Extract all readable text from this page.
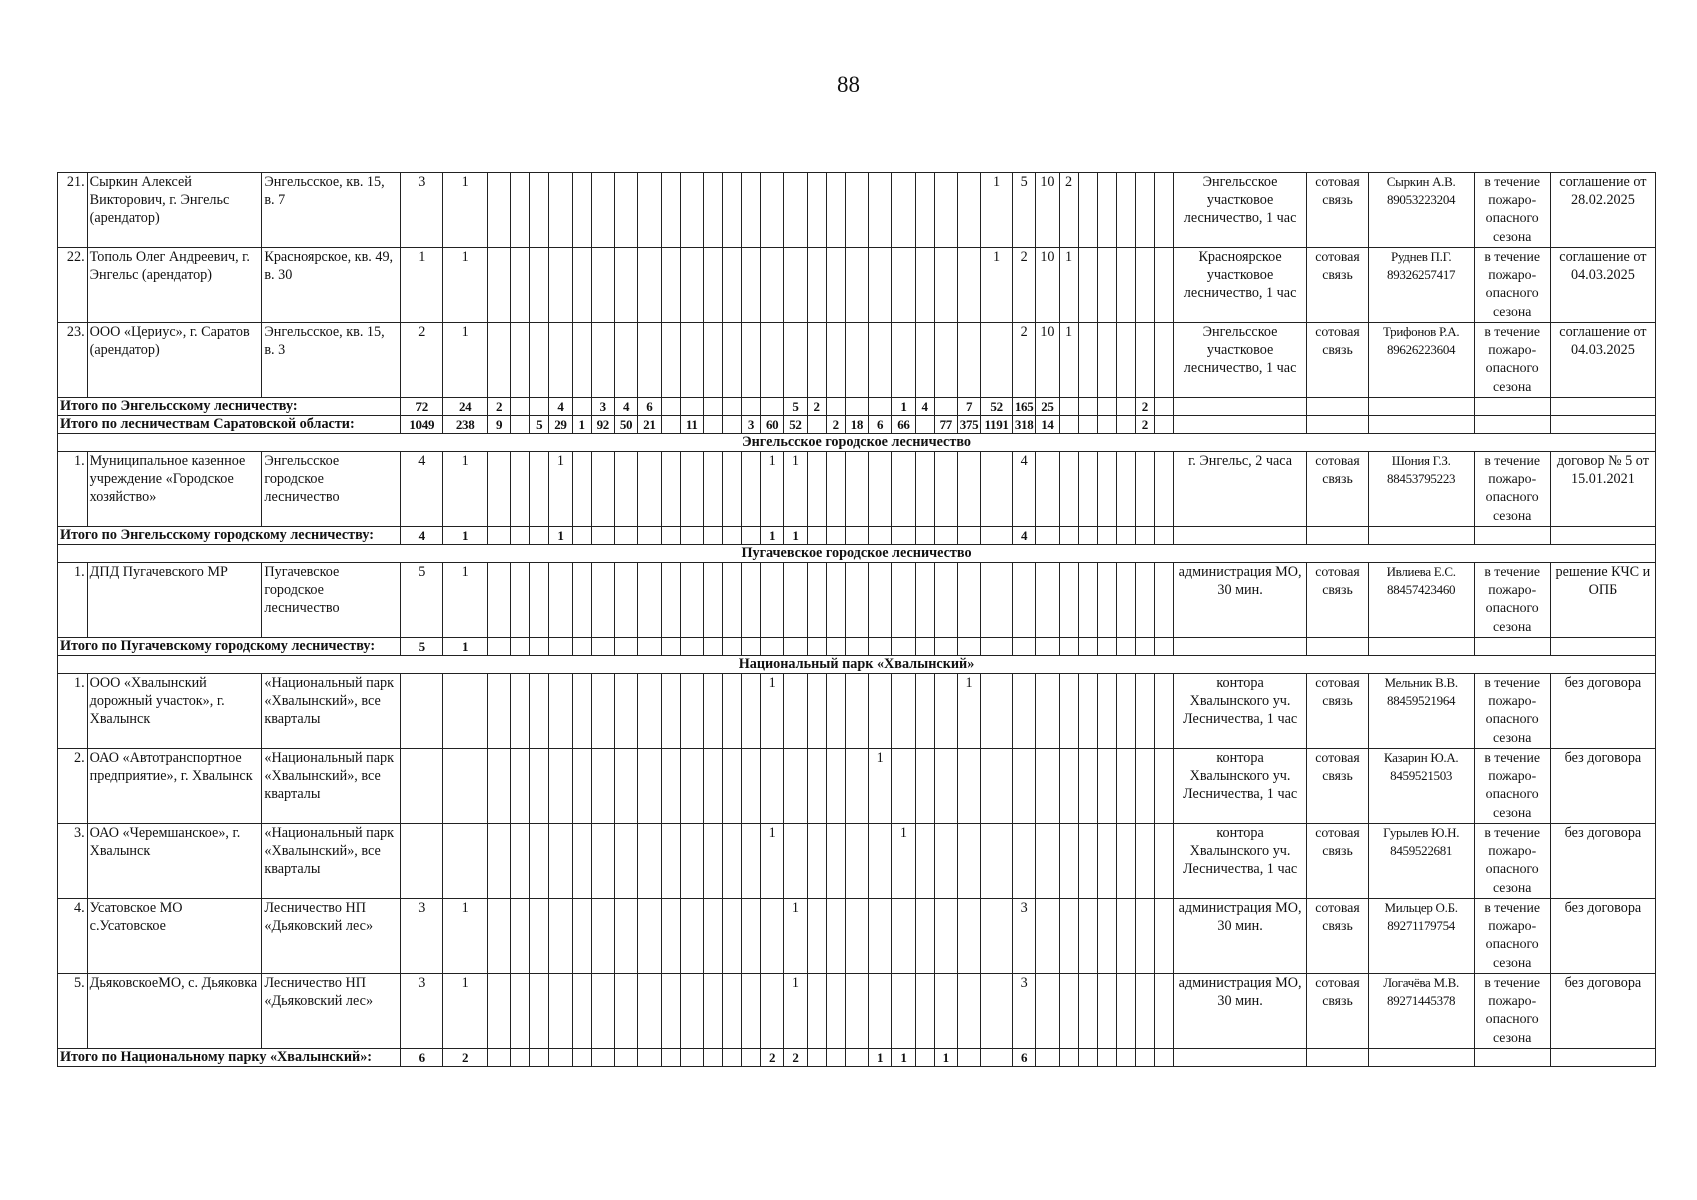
88
21.	Сыркин Алексей Викторович, г. Энгельс (арендатор)	Энгельсское, кв. 15, в. 7	3	1																								1	5	10	2						Энгельсское участковое лесничество, 1 час	сотовая связь	Сыркин А.В. 89053223204	в течение пожаро-опасного сезона	соглашение от 28.02.2025
22.	Тополь Олег Андреевич, г. Энгельс (арендатор)	Красноярское, кв. 49, в. 30	1	1																								1	2	10	1						Красноярское участковое лесничество, 1 час	сотовая связь	Руднев П.Г. 89326257417	в течение пожаро-опасного сезона	соглашение от 04.03.2025
23.	ООО «Цериус», г. Саратов (арендатор)	Энгельсское, кв. 15, в. 3	2	1																									2	10	1						Энгельсское участковое лесничество, 1 час	сотовая связь	Трифонов Р.А. 89626223604	в течение пожаро-опасного сезона	соглашение от 04.03.2025
Итого по Энгельсскому лесничеству:			72	24	2			4		3	4	6							5	2				1	4		7	52	165	25					2						
Итого по лесничествам Саратовской области:			1049	238	9		5	29	1	92	50	21		11			3	60	52		2	18	6	66		77	375	1191	318	14					2						
Энгельсское городское лесничество																																									
1.	Муниципальное казенное учреждение «Городское хозяйство»	Энгельсское городское лесничество	4	1				1										1	1										4								г. Энгельс, 2 часа	сотовая связь	Шония Г.З. 88453795223	в течение пожаро-опасного сезона	договор № 5 от 15.01.2021
Итого по Энгельсскому городскому лесничеству:			4	1				1										1	1										4												
Пугачевское городское лесничество																																									
1.	ДПД Пугачевского МР	Пугачевское городское лесничество	5	1																																	администрация МО, 30 мин.	сотовая связь	Ивлиева Е.С. 88457423460	в течение пожаро-опасного сезона	решение КЧС и ОПБ
Итого по Пугачевскому городскому лесничеству:			5	1																																					
Национальный парк «Хвалынский»																																									
1.	ООО «Хвалынский дорожный участок», г. Хвалынск	«Национальный парк «Хвалынский», все кварталы																1									1										контора Хвалынского уч. Лесничества, 1 час	сотовая связь	Мельник В.В. 88459521964	в течение пожаро-опасного сезона	без договора
2.	ОАО «Автотранспортное предприятие», г. Хвалынск	«Национальный парк «Хвалынский», все кварталы																					1														контора Хвалынского уч. Лесничества, 1 час	сотовая связь	Казарин Ю.А. 8459521503	в течение пожаро-опасного сезона	без договора
3.	ОАО «Черемшанское», г. Хвалынск	«Национальный парк «Хвалынский», все кварталы																1						1													контора Хвалынского уч. Лесничества, 1 час	сотовая связь	Гурылев Ю.Н. 8459522681	в течение пожаро-опасного сезона	без договора
4.	Усатовское МО с.Усатовское	Лесничество НП «Дьяковский лес»	3	1															1										3								администрация МО, 30 мин.	сотовая связь	Мильцер О.Б. 89271179754	в течение пожаро-опасного сезона	без договора
5.	ДьяковскоеМО, с. Дьяковка	Лесничество НП «Дьяковский лес»	3	1															1										3								администрация МО, 30 мин.	сотовая связь	Логачёва М.В. 89271445378	в течение пожаро-опасного сезона	без договора
Итого по Национальному парку «Хвалынский»:			6	2														2	2				1	1		1			6												
